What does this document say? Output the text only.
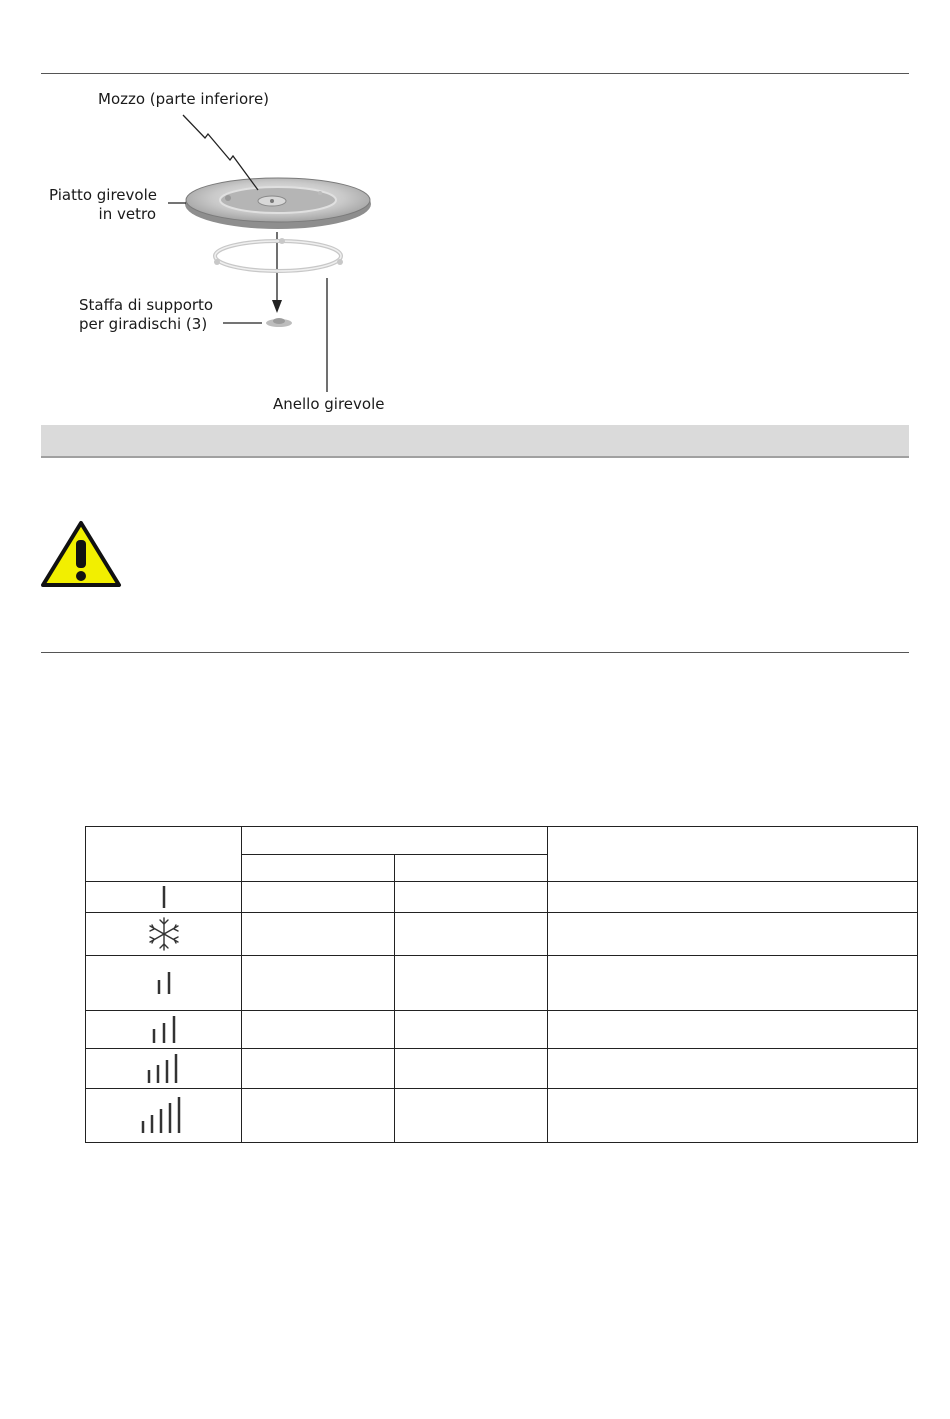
Mozzo (parte inferiore)
Piatto girevole
in vetro
Staffa di supporto
per giradischi (3)
Anello girevole
